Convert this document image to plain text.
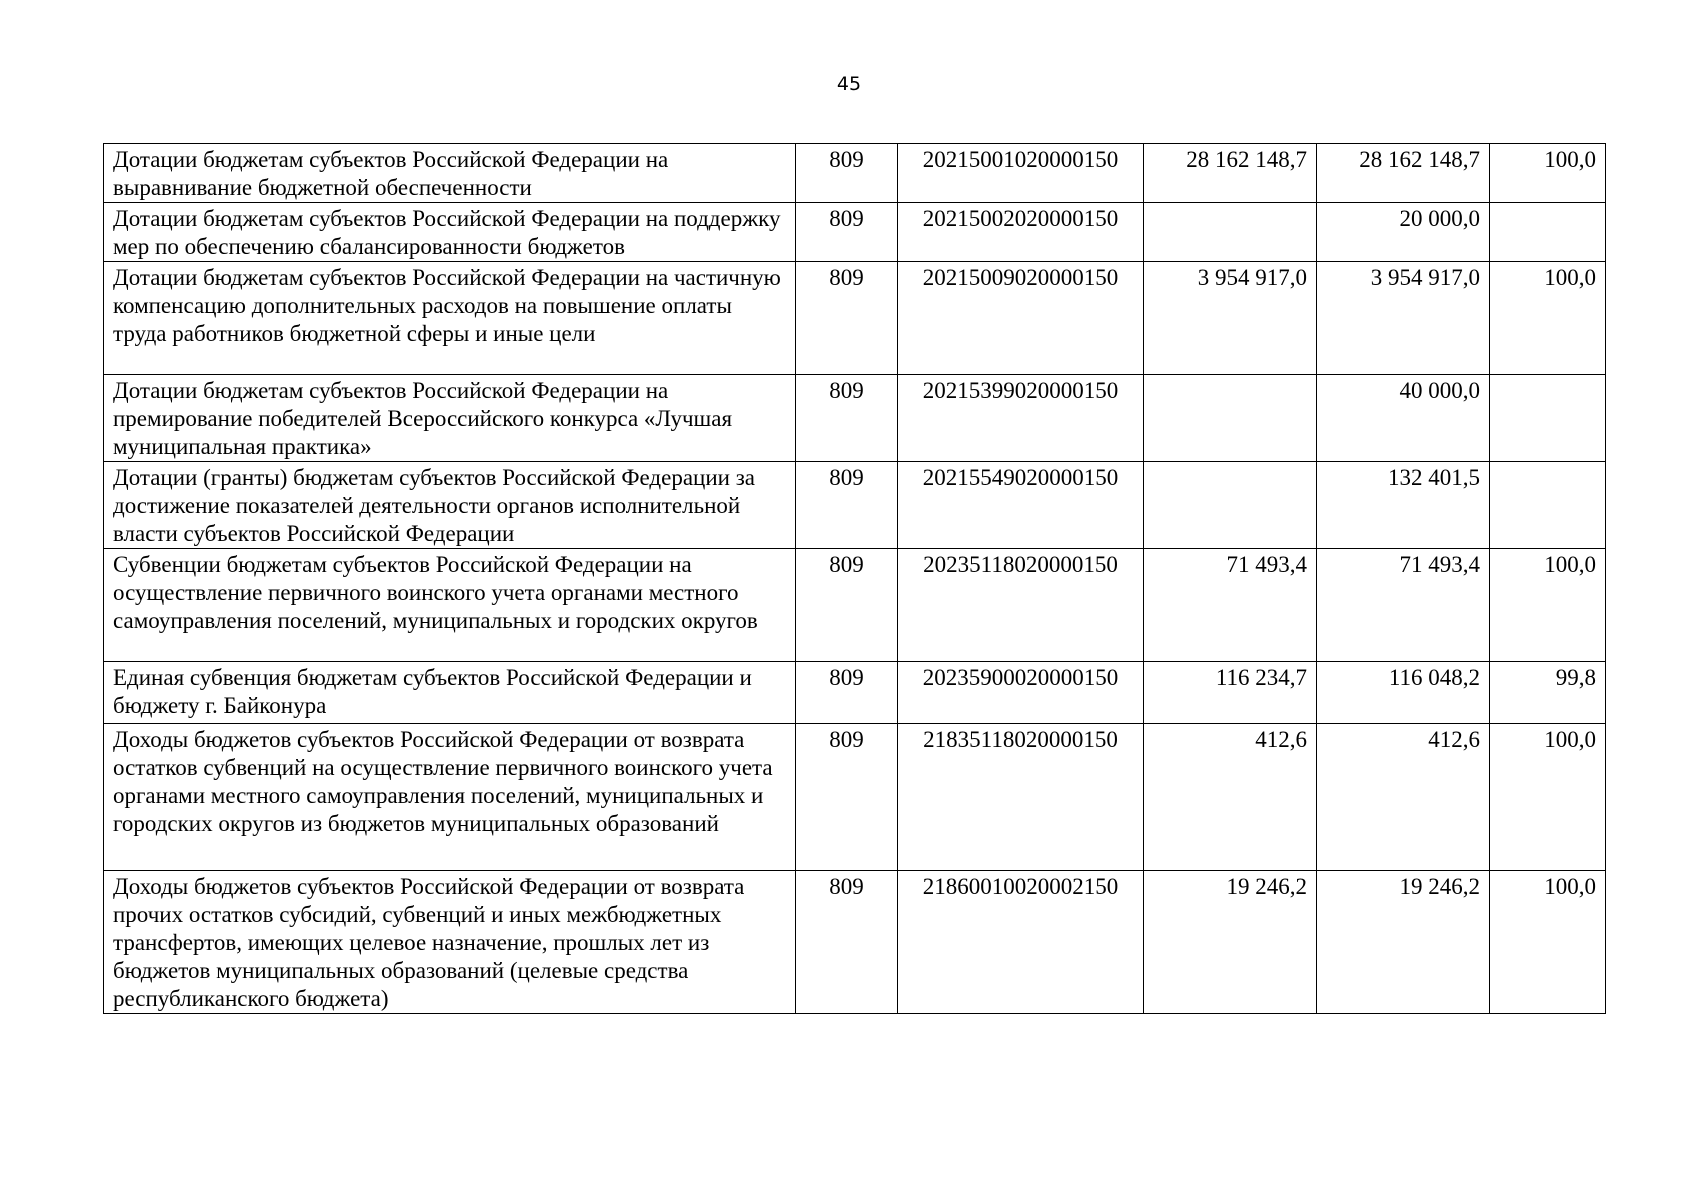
45
Дотации бюджетам субъектов Российской Федерации на выравнивание бюджетной обеспеченности	809	20215001020000150	28 162 148,7	28 162 148,7	100,0
Дотации бюджетам субъектов Российской Федерации на поддержку мер по обеспечению сбалансированности бюджетов	809	20215002020000150		20 000,0	
Дотации бюджетам субъектов Российской Федерации на частичную компенсацию дополнительных расходов на повышение оплаты труда работников бюджетной сферы и иные цели	809	20215009020000150	3 954 917,0	3 954 917,0	100,0
Дотации бюджетам субъектов Российской Федерации на премирование победителей Всероссийского конкурса «Лучшая муниципальная практика»	809	20215399020000150		40 000,0	
Дотации (гранты) бюджетам субъектов Российской Федерации за достижение показателей деятельности органов исполнительной власти субъектов Российской Федерации	809	20215549020000150		132 401,5	
Субвенции бюджетам субъектов Российской Федерации на осуществление первичного воинского учета органами местного самоуправления поселений, муниципальных и городских округов	809	20235118020000150	71 493,4	71 493,4	100,0
Единая субвенция бюджетам субъектов Российской Федерации и бюджету г. Байконура	809	20235900020000150	116 234,7	116 048,2	99,8
Доходы бюджетов субъектов Российской Федерации от возврата остатков субвенций на осуществление первичного воинского учета органами местного самоуправления поселений, муниципальных и городских округов из бюджетов муниципальных образований	809	21835118020000150	412,6	412,6	100,0
Доходы бюджетов субъектов Российской Федерации от возврата прочих остатков субсидий, субвенций и иных межбюджетных трансфертов, имеющих целевое назначение, прошлых лет из бюджетов муниципальных образований (целевые средства республиканского бюджета)	809	21860010020002150	19 246,2	19 246,2	100,0
